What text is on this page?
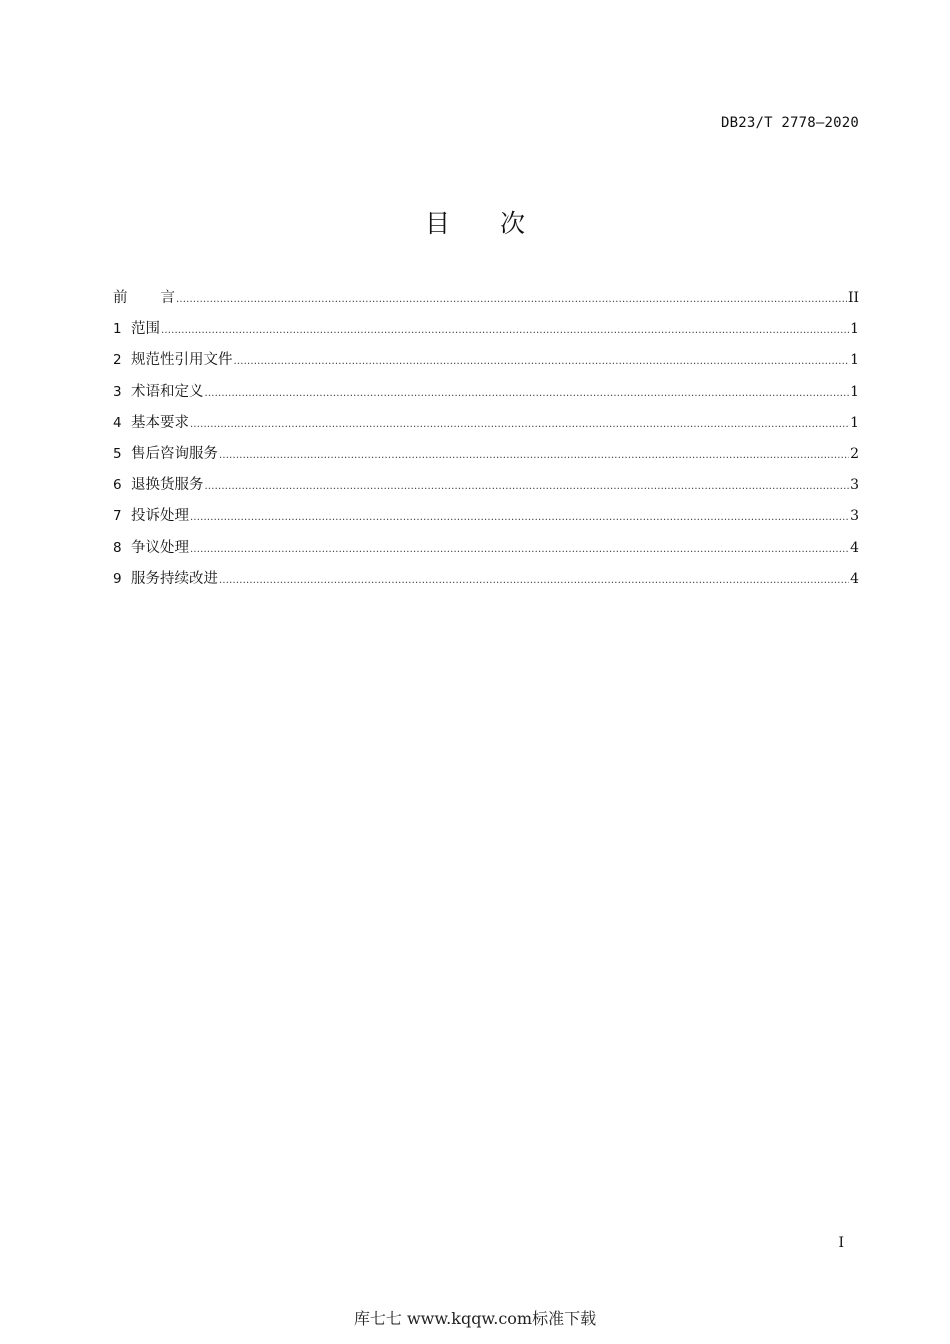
DB23/T 2778—2020
目 次
前 言 .....	II
1 范围 .....	1
2 规范性引用文件 .....	1
3 术语和定义 .....	1
4 基本要求 .....	1
5 售后咨询服务 .....	2
6 退换货服务 .....	3
7 投诉处理 .....	3
8 争议处理 .....	4
9 服务持续改进 .....	4
I
库七七 www.kqqw.com标准下载
